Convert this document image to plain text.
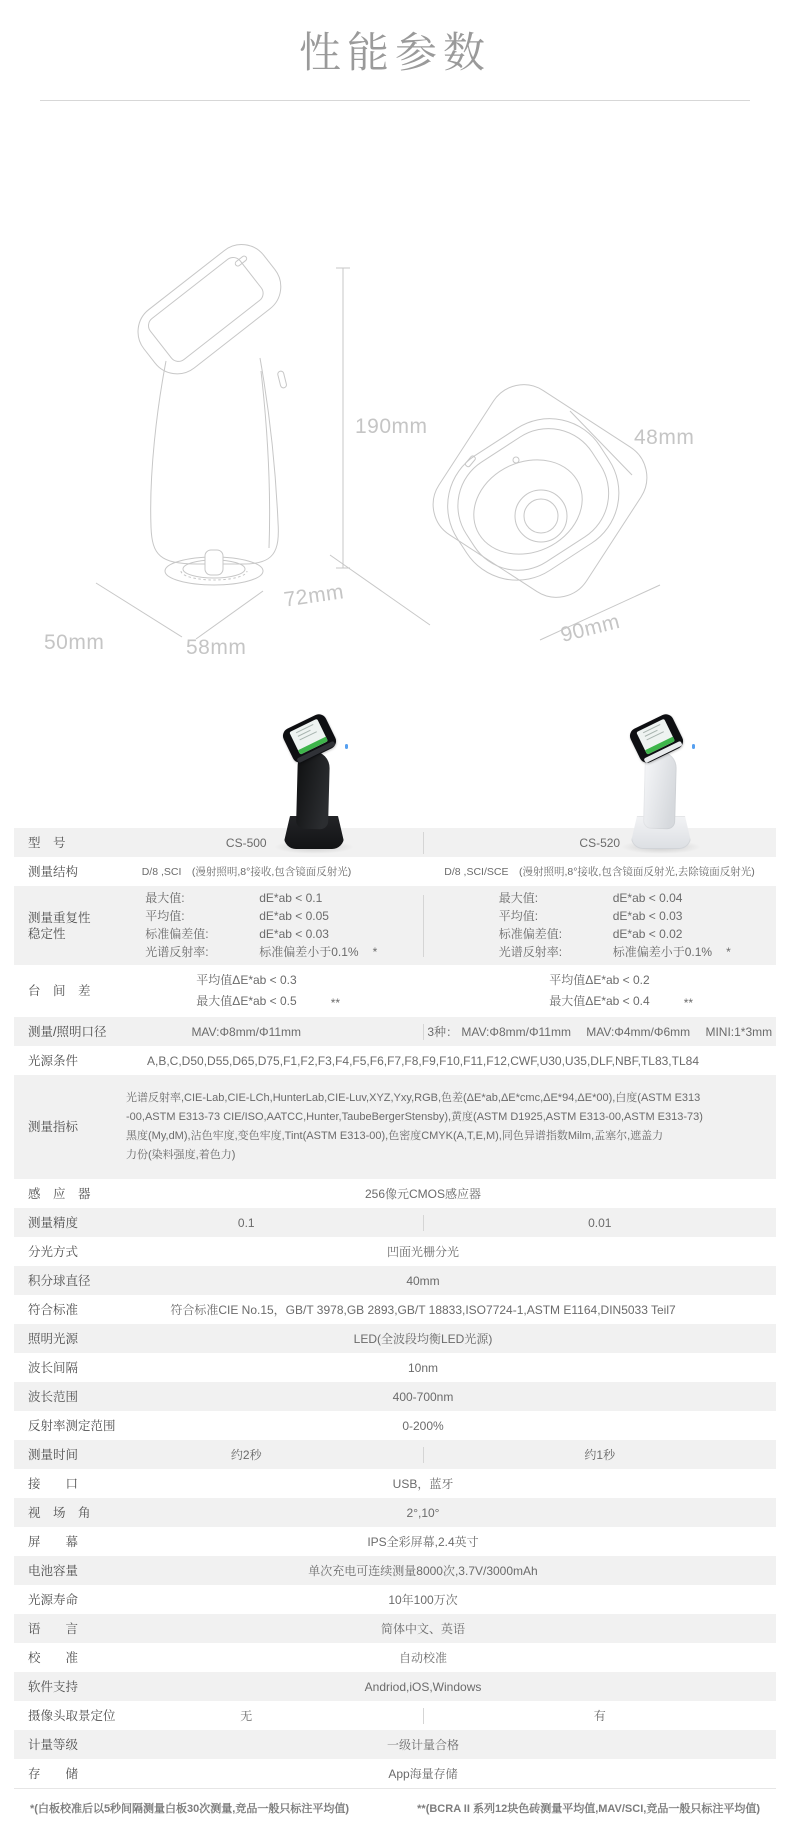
性能参数
190mm
50mm	58mm
48mm
72mm
90mm
型　号	CS-500	CS-520
测量结构	D/8 ,SCI　(漫射照明,8°接收,包含镜面反射光)	D/8 ,SCI/SCE　(漫射照明,8°接收,包含镜面反射光,去除镜面反射光)
测量重复性
稳定性
最大值:	dE*ab < 0.1
平均值:	dE*ab < 0.05
标准偏差值:	dE*ab < 0.03
光谱反射率:	标准偏差小于0.1% *
最大值:	dE*ab < 0.04
平均值:	dE*ab < 0.03
标准偏差值:	dE*ab < 0.02
光谱反射率:	标准偏差小于0.1% *
台　间　差
平均值ΔE*ab < 0.3
最大值ΔE*ab < 0.5	**
平均值ΔE*ab < 0.2
最大值ΔE*ab < 0.4	**
测量/照明口径	MAV:Φ8mm/Φ11mm	3种： MAV:Φ8mm/Φ11mm　 MAV:Φ4mm/Φ6mm　 MINI:1*3mm
光源条件	A,B,C,D50,D55,D65,D75,F1,F2,F3,F4,F5,F6,F7,F8,F9,F10,F11,F12,CWF,U30,U35,DLF,NBF,TL83,TL84
测量指标
光谱反射率,CIE-Lab,CIE-LCh,HunterLab,CIE-Luv,XYZ,Yxy,RGB,色差(ΔE*ab,ΔE*cmc,ΔE*94,ΔE*00),白度(ASTM E313
-00,ASTM E313-73 CIE/ISO,AATCC,Hunter,TaubeBergerStensby),黄度(ASTM D1925,ASTM E313-00,ASTM E313-73)
黑度(My,dM),沾色牢度,变色牢度,Tint(ASTM E313-00),色密度CMYK(A,T,E,M),同色异谱指数Milm,孟塞尔,遮盖力
力份(染料强度,着色力)
感　应　器	256像元CMOS感应器
测量精度	0.1	0.01
分光方式	凹面光栅分光
积分球直径	40mm
符合标准	符合标准CIE No.15，GB/T 3978,GB 2893,GB/T 18833,ISO7724-1,ASTM E1164,DIN5033 Teil7
照明光源	LED(全波段均衡LED光源)
波长间隔	10nm
波长范围	400-700nm
反射率测定范围	0-200%
测量时间	约2秒	约1秒
接　　口	USB，蓝牙
视　场　角	2°,10°
屏　　幕	IPS全彩屏幕,2.4英寸
电池容量	单次充电可连续测量8000次,3.7V/3000mAh
光源寿命	10年100万次
语　　言	简体中文、英语
校　　准	自动校准
软件支持	Andriod,iOS,Windows
摄像头取景定位	无	有
计量等级	一级计量合格
存　　储	App海量存储
*(白板校准后以5秒间隔测量白板30次测量,竞品一般只标注平均值)	**(BCRA II 系列12块色砖测量平均值,MAV/SCI,竞品一般只标注平均值)
